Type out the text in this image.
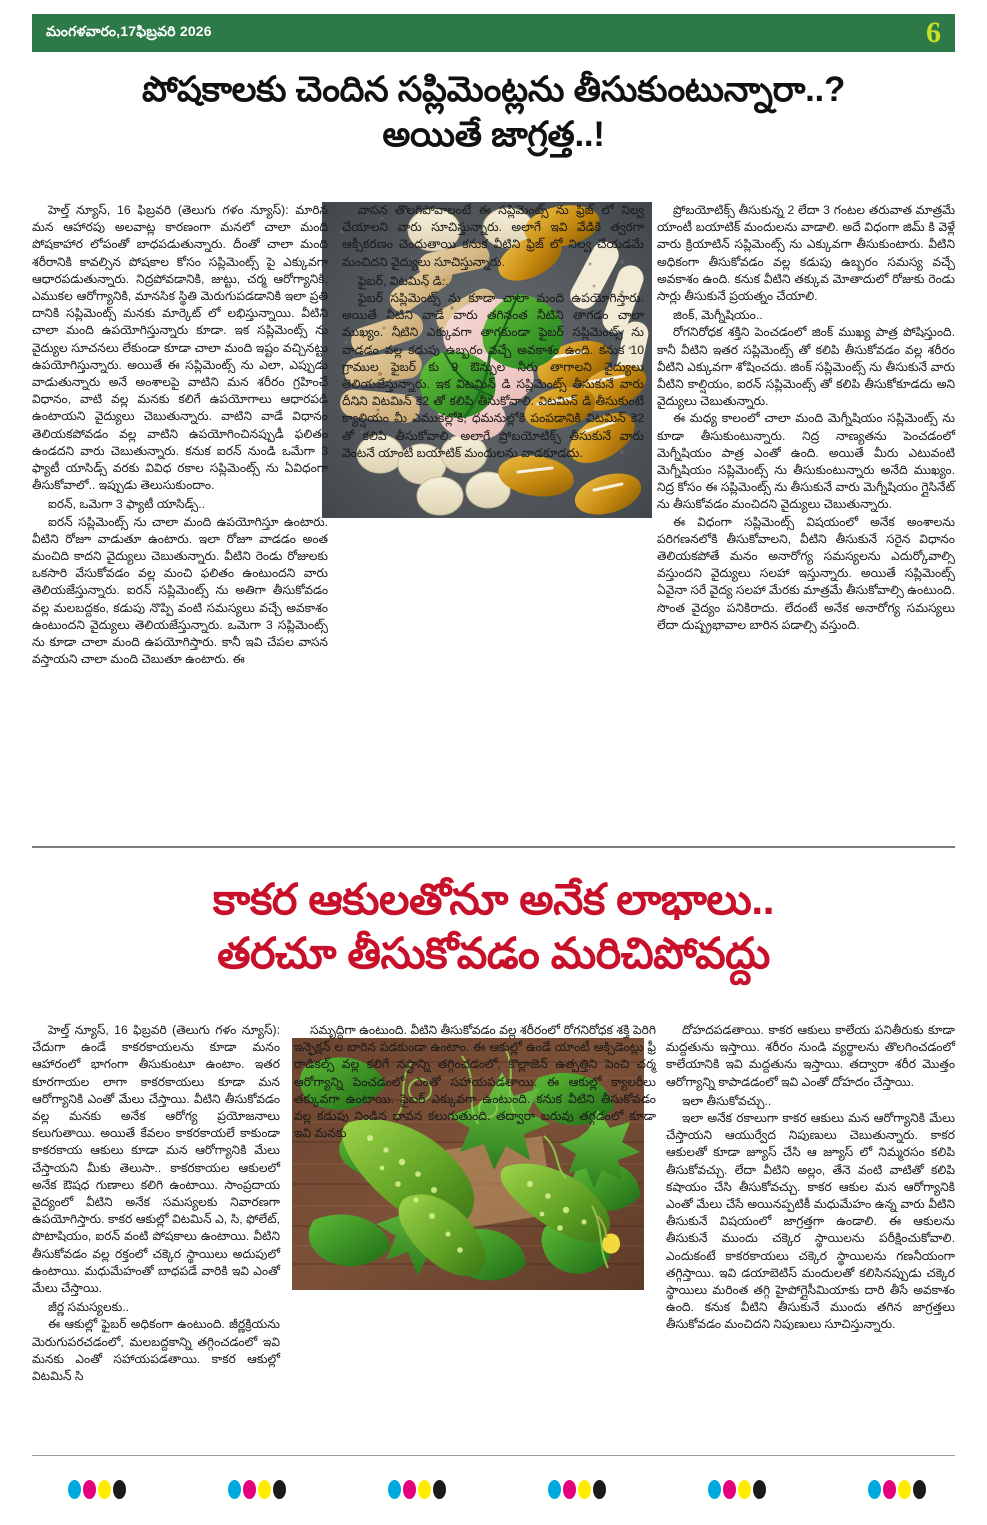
మంగళవారం,17ఫిబ్రవరి 2026	6
పోషకాలకు చెందిన సప్లిమెంట్లను తీసుకుంటున్నారా..?
అయితే జాగ్రత్త..!

హెల్త్ న్యూస్, 16 ఫిబ్రవరి (తెలుగు గళం న్యూస్): మారిన మన ఆహారపు అలవాట్ల కారణంగా మనలో చాలా మంది పోషకాహార లోపంతో బాధపడుతున్నారు. దీంతో చాలా మంది శరీరానికి కావల్సిన పోషకాల కోసం సప్లిమెంట్స్ పై ఎక్కువగా ఆధారపడుతున్నారు. నిద్రపోవడానికి, జుట్టు, చర్మ ఆరోగ్యానికి, ఎముకల ఆరోగ్యానికి, మానసిక స్థితి మెరుగుపడడానికి ఇలా ప్రతి దానికి సప్లిమెంట్స్ మనకు మార్కెట్ లో లభిస్తున్నాయి. వీటిని చాలా మంది ఉపయోగిస్తున్నారు కూడా. ఇక సప్లిమెంట్స్ ను వైద్యుల సూచనలు లేకుండా కూడా చాలా మంది ఇష్టం వచ్చినట్టు ఉపయోగిస్తున్నారు. అయితే ఈ సప్లిమెంట్స్ ను ఎలా, ఎప్పుడు వాడుతున్నారు అనే అంశాలపై వాటిని మన శరీరం గ్రహించే విధానం, వాటి వల్ల మనకు కలిగే ఉపయోగాలు ఆధారపడి ఉంటాయని వైద్యులు చెబుతున్నారు. వాటిని వాడే విధానం తెలియకపోవడం వల్ల వాటిని ఉపయోగించినప్పుడీ ఫలితం ఉండదని వారు చెబుతున్నారు. కనుక ఐరన్ నుండి ఒమేగా 3 ఫ్యాటీ యాసిడ్స్ వరకు వివిధ రకాల సప్లిమెంట్స్ ను ఏవిధంగా తీసుకోవాలో.. ఇప్పుడు తెలుసుకుందాం.

ఐరన్, ఒమెగా 3 ఫ్యాటీ యాసిడ్స్..

ఐరన్ సప్లిమెంట్స్ ను చాలా మంది ఉపయోగిస్తూ ఉంటారు. వీటిని రోజూ వాడుతూ ఉంటారు. ఇలా రోజూ వాడడం అంత మంచిది కాదని వైద్యులు చెబుతున్నారు. వీటిని రెండు రోజులకు ఒకసారి వేసుకోవడం వల్ల మంచి ఫలితం ఉంటుందని వారు తెలియజేస్తున్నారు. ఐరన్ సప్లిమెంట్స్ ను అతిగా తీసుకోవడం వల్ల మలబద్దకం, కడుపు నొప్పి వంటి సమస్యలు వచ్చే అవకాశం ఉంటుందని వైద్యులు తెలియజేస్తున్నారు. ఒమెగా 3 సప్లిమెంట్స్ ను కూడా చాలా మంది ఉపయోగిస్తారు. కానీ ఇవి చేపల వాసన వస్తాయని చాలా మంది చెబుతూ ఉంటారు. ఈ

వాసన తొలగిపోవాలంటే ఈ సప్లిమెంట్స్ ను ఫ్రిజ్ లో నిల్వ చేయాలని వారు సూచిస్తున్నారు. అలాగే ఇవి వేడికి త్వరగా ఆక్సీకరణం చెందుతాయి కనుక వీటిని ఫ్రిజ్ లో నిల్వ చేయడమే మంచిదని వైద్యులు సూచిస్తున్నారు.

ఫైబర్, విటమిన్ డి..

ఫైబర్ సప్లిమెంట్స్ ను కూడా చాలా మంది ఉపయోగిస్తారు. అయితే వీటిని వాడే వారు తగినంత నీటిని తాగడం చాలా ముఖ్యం. నీటిని ఎక్కువగా తాగకుండా ఫైబర్ సప్లిమెంట్స్ ను వాడడం వల్ల కడుపు ఉబ్బరం వచ్చే అవకాశం ఉంది. కనుక 10 గ్రాముల ఫైబర్ కు 9 ఔన్సుల నీరు తాగాలని వైద్యులు తెలియజేస్తున్నారు. ఇక విటమిన్ డి సప్లిమెంట్స్ తీసుకునే వారు దీనిని విటమిన్ కె2 తో కలిపి తీసుకోవాలి. విటమిన్ డి తీసుకుంటే క్యాల్షియం మీ ఎముకల్లోకి, ధమనుల్లోకి పంపడానికి విటమిన్ కె2 తో కలిపి తీసుకోవాలి. అలాగే ప్రోబయోటిక్స్ తీసుకునే వారు వెంటనే యాంటీ బయాటిక్ మందులను వాడకూడదు.

ప్రోబయోటిక్స్ తీసుకున్న 2 లేదా 3 గంటల తరువాత మాత్రమే యాంటీ బయాటిక్ మందులను వాడాలి. అదే విధంగా జిమ్ కి వెళ్లే వారు క్రియాటిన్ సప్లిమెంట్స్ ను ఎక్కువగా తీసుకుంటారు. వీటిని అధికంగా తీసుకోవడం వల్ల కడుపు ఉబ్బరం సమస్య వచ్చే అవకాశం ఉంది. కనుక వీటిని తక్కువ మోతాదులో రోజుకు రెండు సార్లు తీసుకునే ప్రయత్నం చేయాలి.

జింక్, మెగ్నీషియం..

రోగనిరోధక శక్తిని పెంచడంలో జింక్ ముఖ్య పాత్ర పోషిస్తుంది. కానీ వీటిని ఇతర సప్లిమెంట్స్ తో కలిపి తీసుకోవడం వల్ల శరీరం వీటిని ఎక్కువగా శోషించదు. జింక్ సప్లిమెంట్స్ ను తీసుకునే వారు వీటిని కాల్షియం, ఐరన్ సప్లిమెంట్స్ తో కలిపి తీసుకోకూడదు అని వైద్యులు చెబుతున్నారు.

ఈ మధ్య కాలంలో చాలా మంది మెగ్నీషియం సప్లిమెంట్స్ ను కూడా తీసుకుంటున్నారు. నిద్ర నాణ్యతను పెంచడంలో మెగ్నీషియం పాత్ర ఎంతో ఉంది. అయితే మీరు ఎటువంటి మెగ్నీషియం సప్లిమెంట్స్ ను తీసుకుంటున్నారు అనేది ముఖ్యం. నిద్ర కోసం ఈ సప్లిమెంట్స్ ను తీసుకునే వారు మెగ్నీషియం గ్లైసినేట్ ను తీసుకోవడం మంచిదని వైద్యులు చెబుతున్నారు.

ఈ విధంగా సప్లిమెంట్స్ విషయంలో అనేక అంశాలను పరిగణనలోకి తీసుకోవాలని, వీటిని తీసుకునే సరైన విధానం తెలియకపోతే మనం అనారోగ్య సమస్యలను ఎదుర్కోవాల్సి వస్తుందని వైద్యులు సలహా ఇస్తున్నారు. అయితే సప్లిమెంట్స్ ఏవైనా సరే వైద్య సలహా మేరకు మాత్రమే తీసుకోవాల్సి ఉంటుంది. సొంత వైద్యం పనికిరాదు. లేదంటే అనేక అనారోగ్య సమస్యలు లేదా దుష్ప్రభావాల బారిన పడాల్సి వస్తుంది.

కాకర ఆకులతోనూ అనేక లాభాలు..
తరచూ తీసుకోవడం మరిచిపోవద్దు

హెల్త్ న్యూస్, 16 ఫిబ్రవరి (తెలుగు గళం న్యూస్): చేదుగా ఉండే కాకరకాయలను కూడా మనం ఆహారంలో భాగంగా తీసుకుంటూ ఉంటాం. ఇతర కూరగాయల లాగా కాకరకాయలు కూడా మన ఆరోగ్యానికి ఎంతో మేలు చేస్తాయి. వీటిని తీసుకోవడం వల్ల మనకు అనేక ఆరోగ్య ప్రయోజనాలు కలుగుతాయి. అయితే కేవలం కాకరకాయలే కాకుండా కాకరకాయ ఆకులు కూడా మన ఆరోగ్యానికి మేలు చేస్తాయని మీకు తెలుసా.. కాకరకాయల ఆకులలో అనేక ఔషధ గుణాలు కలిగి ఉంటాయి. సాంప్రదాయ వైద్యంలో వీటిని అనేక సమస్యలకు నివారణగా ఉపయోగిస్తారు. కాకర ఆకుల్లో విటమిన్ ఎ, సి, ఫోలేట్, పొటాషియం, ఐరన్ వంటి పోషకాలు ఉంటాయి. వీటిని తీసుకోవడం వల్ల రక్తంలో చక్కెర స్థాయిలు అదుపులో ఉంటాయి. మధుమేహంతో బాధపడే వారికి ఇవి ఎంతో మేలు చేస్తాయి.

జీర్ణ సమస్యలకు..

ఈ ఆకుల్లో ఫైబర్ అధికంగా ఉంటుంది. జీర్ణక్రియను మెరుగుపరచడంలో, మలబద్దకాన్ని తగ్గించడంలో ఇవి మనకు ఎంతో సహాయపడతాయి. కాకర ఆకుల్లో విటమిన్ సి

సమృద్ధిగా ఉంటుంది. వీటిని తీసుకోవడం వల్ల శరీరంలో రోగనిరోధక శక్తి పెరిగి ఇన్ఫెక్షన్ ల బారిన పడకుండా ఉంటాం. ఈ ఆకుల్లో ఉండే యాంటీ ఆక్సిడెంట్లు ఫ్రీ రాడికల్స్ వల్ల కలిగే నష్టాన్ని తగ్గించడంలో, కొల్లాజెన్ ఉత్పత్తిని పెంచి చర్మ ఆరోగ్యాన్ని పెంచడంలో ఎంతో సహాయపడతాయి. ఈ ఆకుల్లో క్యాలరీలు తక్కువగా ఉంటాయి. ఫైబర్ ఎక్కువగా ఉంటుంది. కనుక వీటిని తీసుకోవడం వల్ల కడుపు నిండిన భావన కలుగుతుంది. తద్వారా బరువు తగ్గడంలో కూడా ఇవి మనకు

దోహదపడతాయి. కాకర ఆకులు కాలేయ పనితీరుకు కూడా మద్దతును ఇస్తాయి. శరీరం నుండి వ్యర్థాలను తొలగించడంలో కాలేయానికి ఇవి మద్దతును ఇస్తాయి. తద్వారా శరీర మొత్తం ఆరోగ్యాన్ని కాపాడడంలో ఇవి ఎంతో దోహదం చేస్తాయి.

ఇలా తీసుకోవచ్చు..

ఇలా అనేక రకాలుగా కాకర ఆకులు మన ఆరోగ్యానికి మేలు చేస్తాయని ఆయుర్వేద నిపుణులు చెబుతున్నారు. కాకర ఆకులతో కూడా జ్యూస్ చేసి ఆ జ్యూస్ లో నిమ్మరసం కలిపి తీసుకోవచ్చు. లేదా వీటిని అల్లం, తేనె వంటి వాటితో కలిపి కషాయం చేసి తీసుకోవచ్చు. కాకర ఆకుల మన ఆరోగ్యానికి ఎంతో మేలు చేసే అయినప్పటికీ మధుమేహం ఉన్న వారు వీటిని తీసుకునే విషయంలో జాగ్రత్తగా ఉండాలి. ఈ ఆకులను తీసుకునే ముందు చక్కెర స్థాయిలను పరీక్షించుకోవాలి. ఎందుకంటే కాకరకాయలు చక్కెర స్థాయిలను గణనీయంగా తగ్గిస్తాయి. ఇవి డయాబెటిస్ మందులతో కలిసినప్పుడు చక్కెర స్థాయిలు మరింత తగ్గి హైపోగ్లైసీమియాకు దారి తీసే అవకాశం ఉంది. కనుక వీటిని తీసుకునే ముందు తగిన జాగ్రత్తలు తీసుకోవడం మంచిదని నిపుణులు సూచిస్తున్నారు.
